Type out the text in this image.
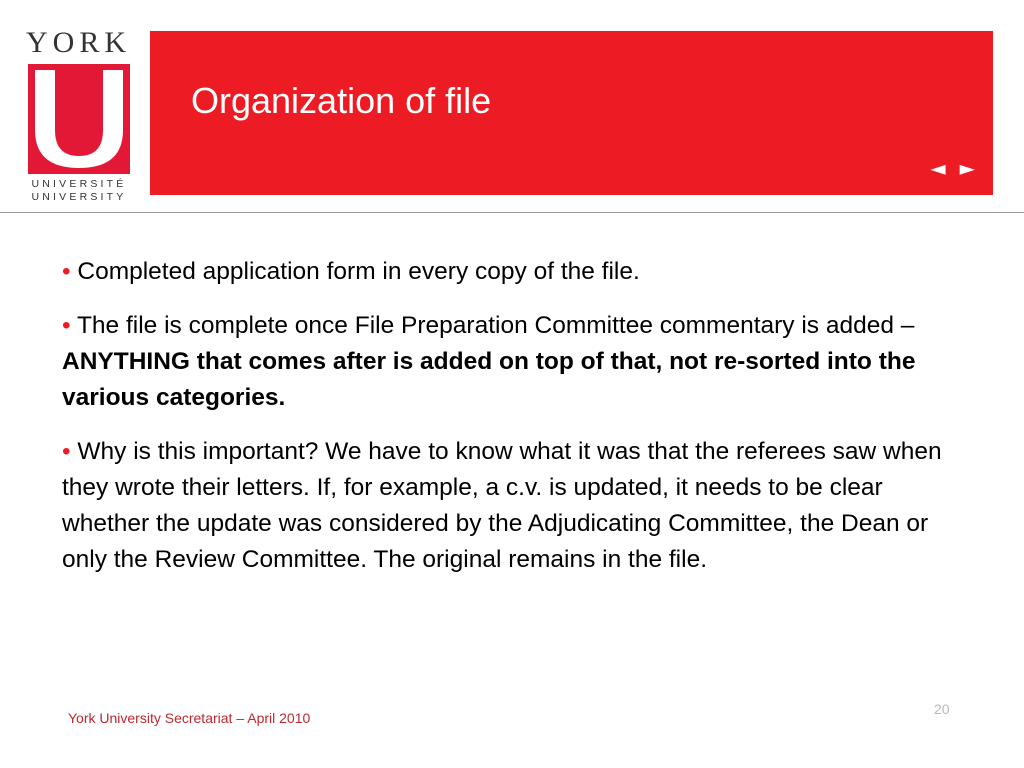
YORK
UNIVERSITÉ
UNIVERSITY
Organization of file
◄ ►

• Completed application form in every copy of the file.

• The file is complete once File Preparation Committee commentary is added – ANYTHING that comes after is added on top of that, not re-sorted into the various categories.

• Why is this important? We have to know what it was that the referees saw when they wrote their letters. If, for example, a c.v. is updated, it needs to be clear whether the update was considered by the Adjudicating Committee, the Dean or only the Review Committee. The original remains in the file.

York University Secretariat – April 2010
20
